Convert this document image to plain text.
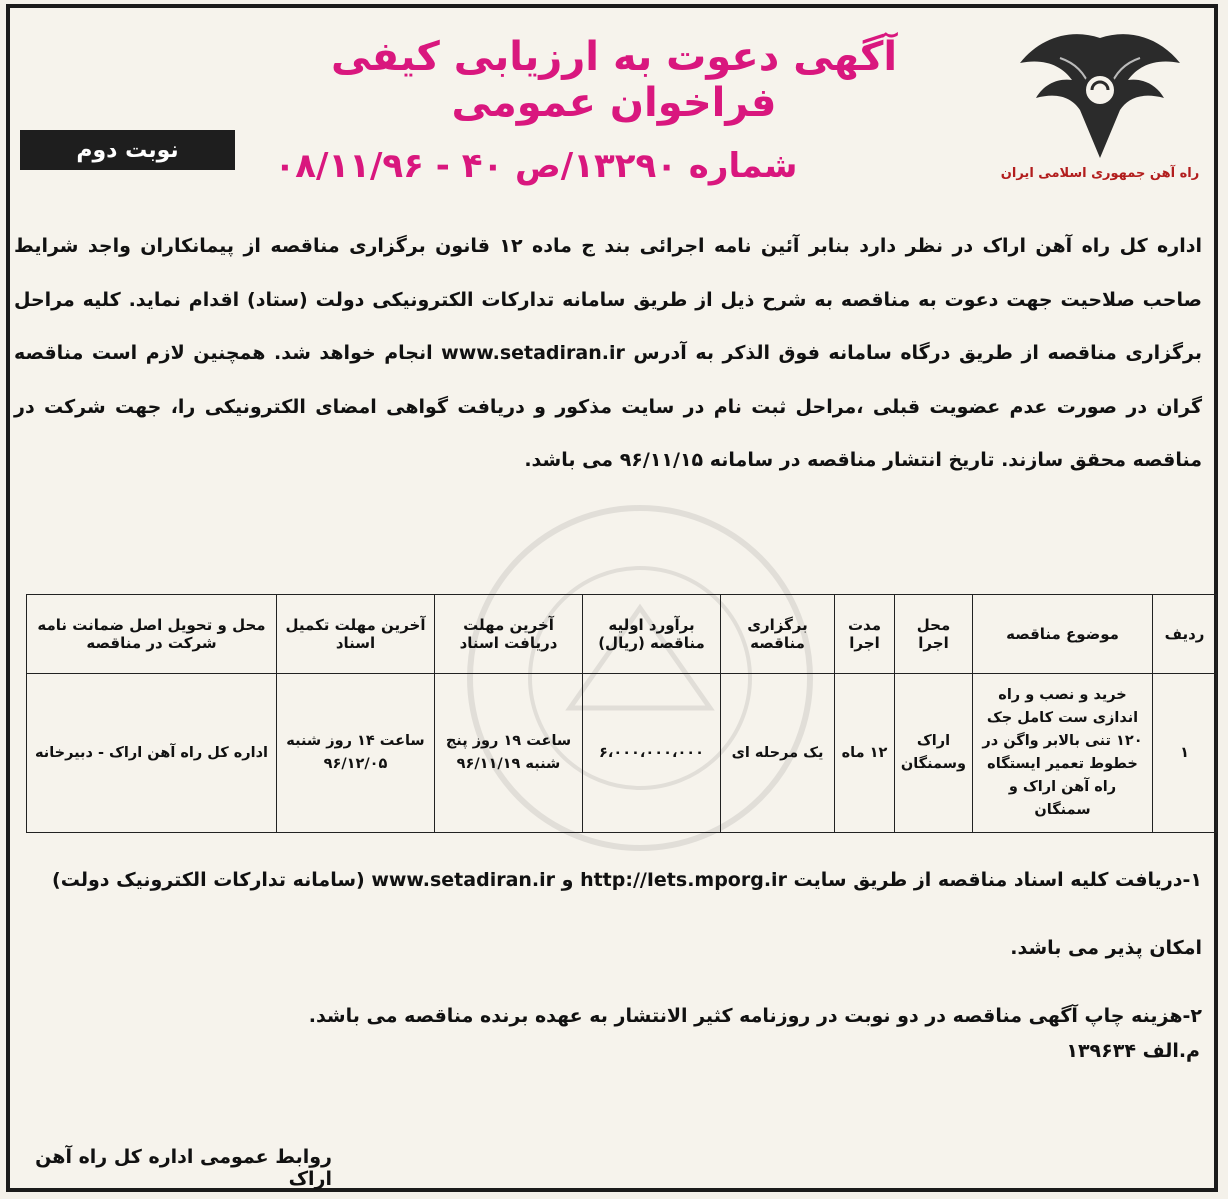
راه آهن جمهوری اسلامی ایران
آگهی دعوت به ارزیابی کیفی فراخوان عمومی
نوبت دوم	شماره ۱۳۲۹۰/ص ۴۰ - ۰۸/۱۱/۹۶

اداره کل راه آهن اراک در نظر دارد بنابر آئین نامه اجرائی بند ج ماده ۱۲ قانون برگزاری مناقصه از پیمانکاران واجد شرایط صاحب صلاحیت جهت دعوت به مناقصه به شرح ذیل از طریق سامانه تدارکات الکترونیکی دولت (ستاد) اقدام نماید. کلیه مراحل برگزاری مناقصه از طریق درگاه سامانه فوق الذکر به آدرس www.setadiran.ir انجام خواهد شد. همچنین لازم است مناقصه گران در صورت عدم عضویت قبلی ،مراحل ثبت نام در سایت مذکور و دریافت گواهی امضای الکترونیکی را، جهت شرکت در مناقصه محقق سازند. تاریخ انتشار مناقصه در سامانه ۹۶/۱۱/۱۵ می باشد.

ردیف	موضوع مناقصه	محل اجرا	مدت اجرا	برگزاری مناقصه	برآورد اولیه مناقصه (ریال)	آخرین مهلت دریافت اسناد	آخرین مهلت تکمیل اسناد	محل و تحویل اصل ضمانت نامه شرکت در مناقصه
۱	خرید و نصب و راه اندازی ست کامل جک ۱۲۰ تنی بالابر واگن در خطوط تعمیر ایستگاه راه آهن اراک و سمنگان	اراک وسمنگان	۱۲ ماه	یک مرحله ای	۶،۰۰۰،۰۰۰،۰۰۰	ساعت ۱۹ روز پنج شنبه ۹۶/۱۱/۱۹	ساعت ۱۴ روز شنبه ۹۶/۱۲/۰۵	اداره کل راه آهن اراک - دبیرخانه

۱-دریافت کلیه اسناد مناقصه از طریق سایت http://Iets.mporg.ir و www.setadiran.ir (سامانه تدارکات الکترونیک دولت)

امکان پذیر می باشد.

۲-هزینه چاپ آگهی مناقصه در دو نوبت در روزنامه کثیر الانتشار به عهده برنده مناقصه می باشد.

م.الف ۱۳۹۶۳۴
روابط عمومی اداره کل راه آهن اراک
